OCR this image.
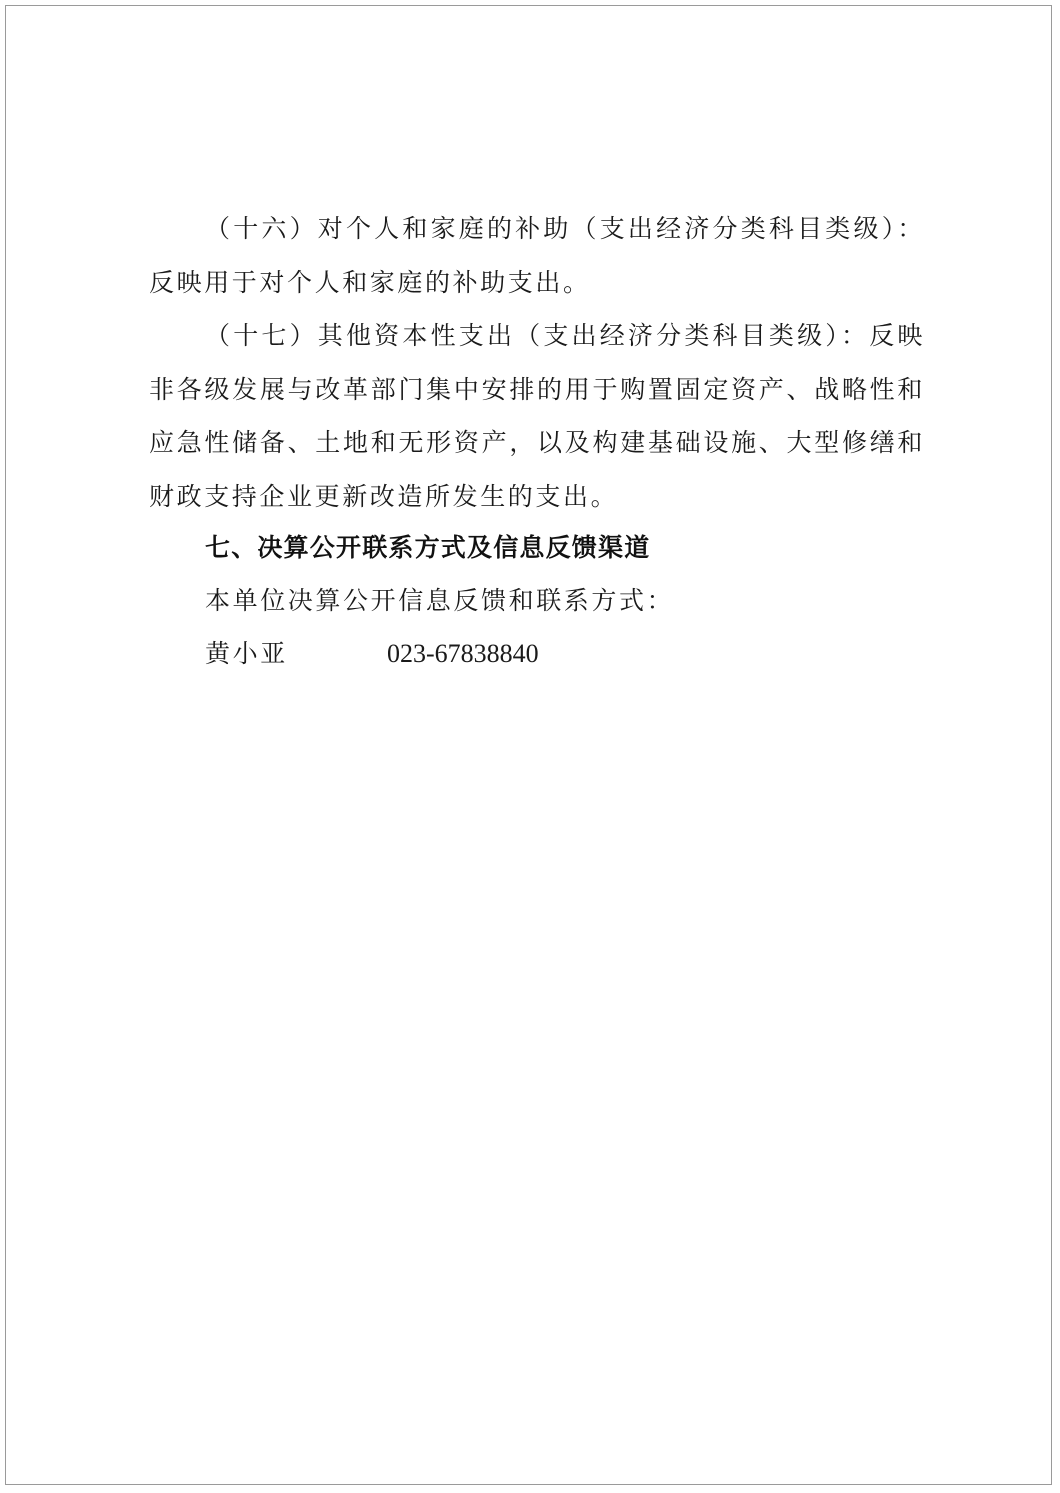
（十六）对个人和家庭的补助（支出经济分类科目类级）：反映用于对个人和家庭的补助支出。

（十七）其他资本性支出（支出经济分类科目类级）：反映非各级发展与改革部门集中安排的用于购置固定资产、战略性和应急性储备、土地和无形资产，以及构建基础设施、大型修缮和财政支持企业更新改造所发生的支出。

七、决算公开联系方式及信息反馈渠道

本单位决算公开信息反馈和联系方式：

黄小亚	023-67838840
